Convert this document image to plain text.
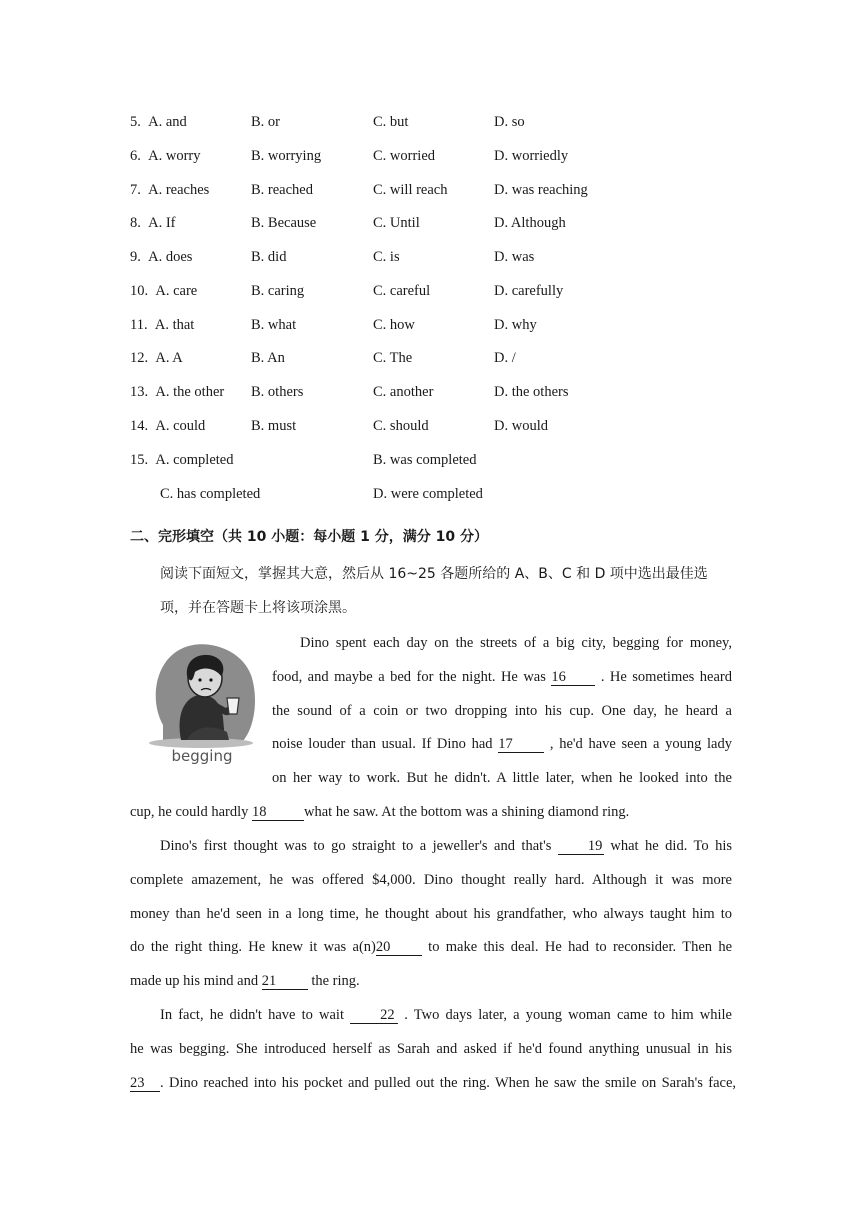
5. A. and	B. or	C. but	D. so
6. A. worry	B. worrying	C. worried	D. worriedly
7. A. reaches	B. reached	C. will reach	D. was reaching
8. A. If	B. Because	C. Until	D. Although
9. A. does	B. did	C. is	D. was
10. A. care	B. caring	C. careful	D. carefully
11. A. that	B. what	C. how	D. why
12. A. A	B. An	C. The	D. /
13. A. the other B. others	C. another	D. the others
14. A. could	B. must	C. should	D. would
15. A. completed	B. was completed
C. has completed	D. were completed
二、完形填空（共 10 小题：每小题 1 分，满分 10 分）
阅读下面短文，掌握其大意，然后从 16~25 各题所给的 A、B、C 和 D 项中选出最佳选
项，并在答题卡上将该项涂黑。
begging
Dino spent each day on the streets of a big city, begging for money,
food, and maybe a bed for the night. He was 16 . He sometimes heard
the sound of a coin or two dropping into his cup. One day, he heard a
noise louder than usual. If Dino had 17 , he'd have seen a young lady
on her way to work. But he didn't. A little later, when he looked into the
cup, he could hardly 18	what he saw. At the bottom was a shining diamond ring.
Dino's first thought was to go straight to a jeweller's and that's 19 what he did. To his
complete amazement, he was offered $4,000. Dino thought really hard. Although it was more
money than he'd seen in a long time, he thought about his grandfather, who always taught him to
do the right thing. He knew it was a(n)20 to make this deal. He had to reconsider. Then he
made up his mind and 21 the ring.
In fact, he didn't have to wait 22 . Two days later, a young woman came to him while
he was begging. She introduced herself as Sarah and asked if he'd found anything unusual in his
23 . Dino reached into his pocket and pulled out the ring. When he saw the smile on Sarah's face,
